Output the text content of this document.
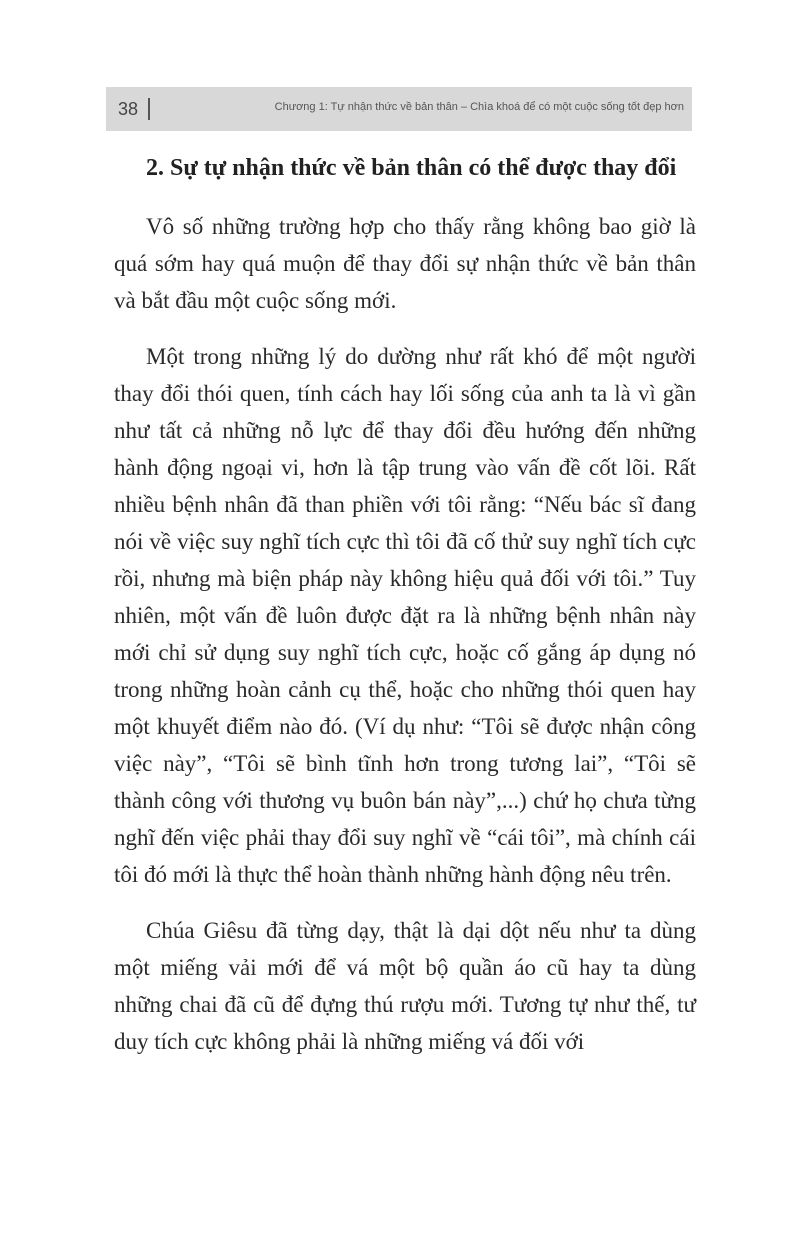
38	Chương 1: Tự nhận thức về bản thân – Chìa khoá để có một cuộc sống tốt đẹp hơn
2. Sự tự nhận thức về bản thân có thể được thay đổi

Vô số những trường hợp cho thấy rằng không bao giờ là quá sớm hay quá muộn để thay đổi sự nhận thức về bản thân và bắt đầu một cuộc sống mới.

Một trong những lý do dường như rất khó để một người thay đổi thói quen, tính cách hay lối sống của anh ta là vì gần như tất cả những nỗ lực để thay đổi đều hướng đến những hành động ngoại vi, hơn là tập trung vào vấn đề cốt lõi. Rất nhiều bệnh nhân đã than phiền với tôi rằng: “Nếu bác sĩ đang nói về việc suy nghĩ tích cực thì tôi đã cố thử suy nghĩ tích cực rồi, nhưng mà biện pháp này không hiệu quả đối với tôi.” Tuy nhiên, một vấn đề luôn được đặt ra là những bệnh nhân này mới chỉ sử dụng suy nghĩ tích cực, hoặc cố gắng áp dụng nó trong những hoàn cảnh cụ thể, hoặc cho những thói quen hay một khuyết điểm nào đó. (Ví dụ như: “Tôi sẽ được nhận công việc này”, “Tôi sẽ bình tĩnh hơn trong tương lai”, “Tôi sẽ thành công với thương vụ buôn bán này”,...) chứ họ chưa từng nghĩ đến việc phải thay đổi suy nghĩ về “cái tôi”, mà chính cái tôi đó mới là thực thể hoàn thành những hành động nêu trên.

Chúa Giêsu đã từng dạy, thật là dại dột nếu như ta dùng một miếng vải mới để vá một bộ quần áo cũ hay ta dùng những chai đã cũ để đựng thú rượu mới. Tương tự như thế, tư duy tích cực không phải là những miếng vá đối với
